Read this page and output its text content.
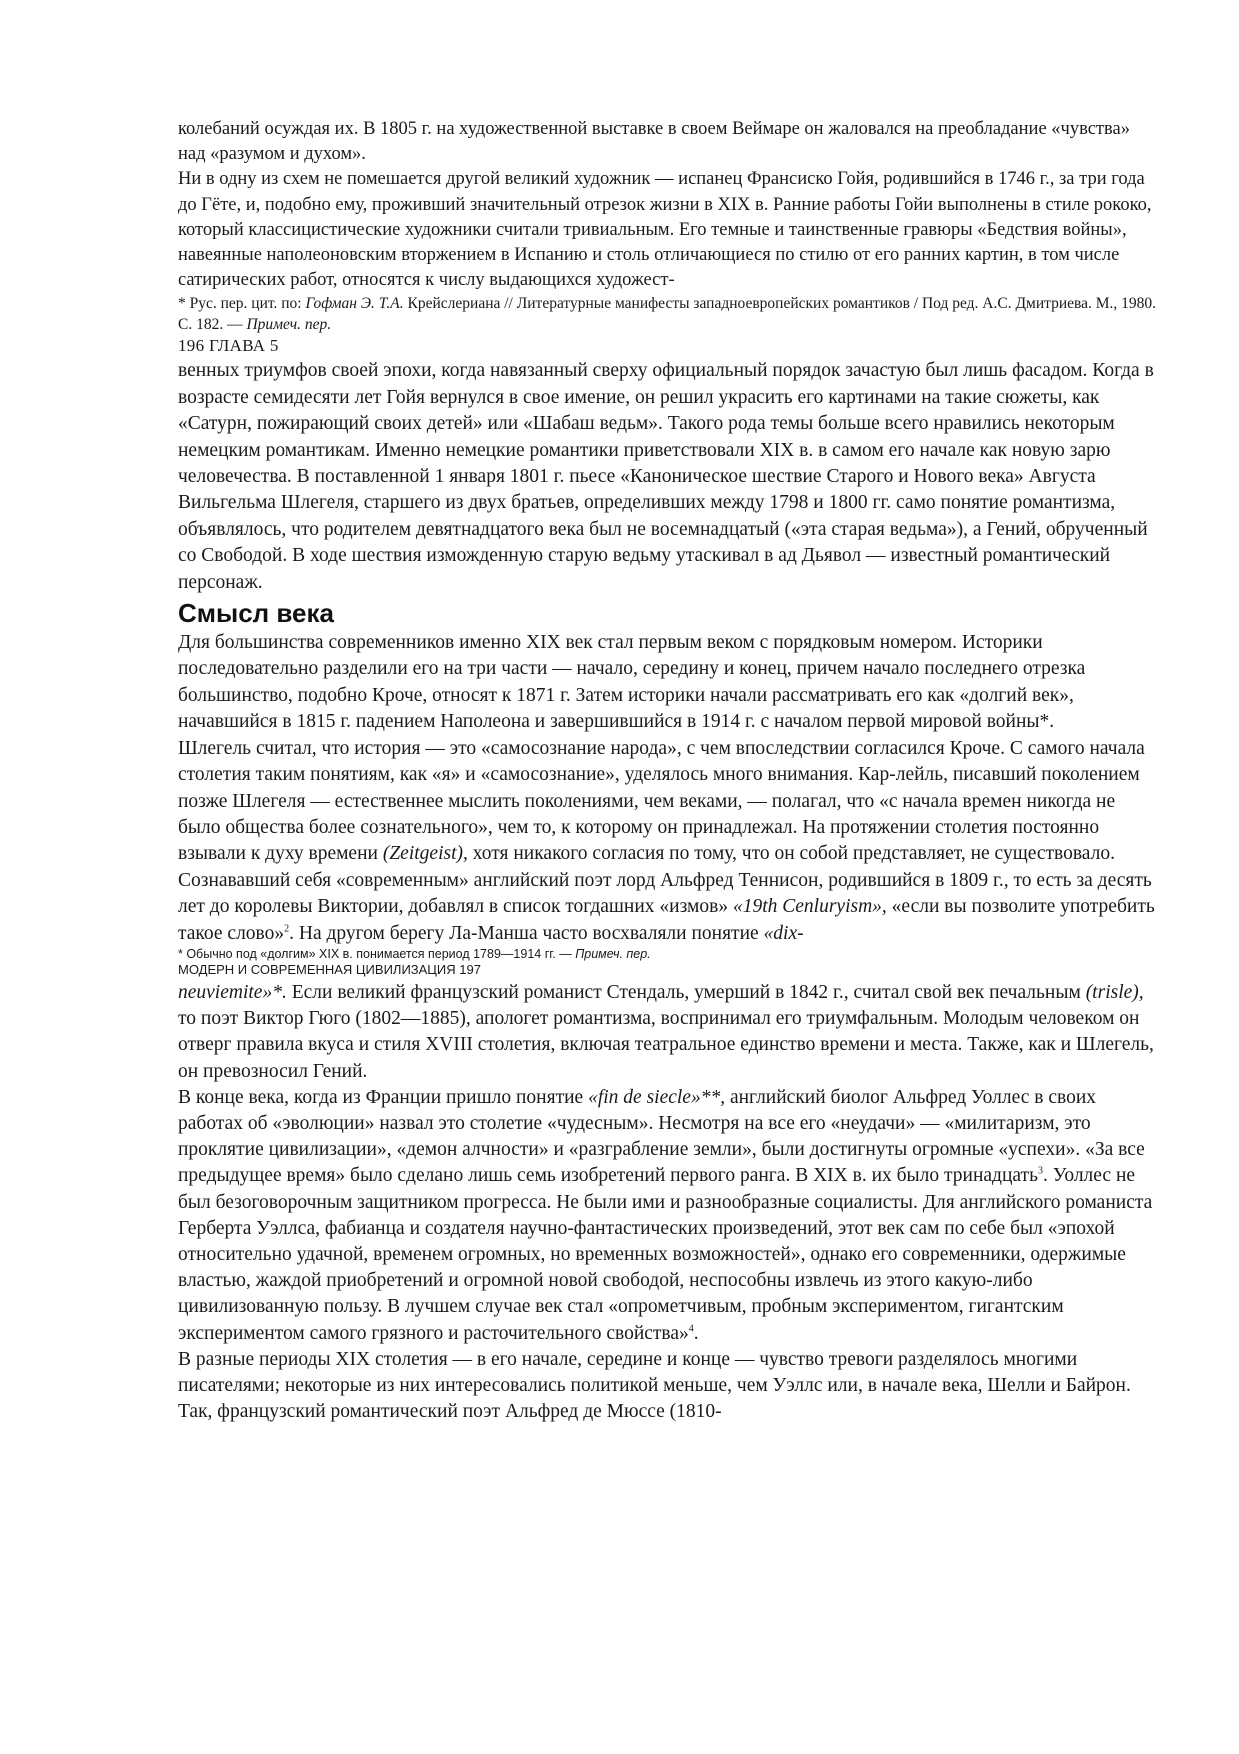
колебаний осуждая их. В 1805 г. на художественной выставке в своем Веймаре он жаловался на преобладание «чувства» над «разумом и духом».

Ни в одну из схем не помешается другой великий художник — испанец Франсиско Гойя, родившийся в 1746 г., за три года до Гёте, и, подобно ему, проживший значительный отрезок жизни в XIX в. Ранние работы Гойи выполнены в стиле рококо, который классицистические художники считали тривиальным. Его темные и таинственные гравюры «Бедствия войны», навеянные наполеоновским вторжением в Испанию и столь отличающиеся по стилю от его ранних картин, в том числе сатирических работ, относятся к числу выдающихся художест-

* Рус. пер. цит. по: Гофман Э. Т.А. Крейслериана // Литературные манифесты западноевропейских романтиков / Под ред. А.С. Дмитриева. М., 1980. С. 182. — Примеч. пер.

196 ГЛАВА 5

венных триумфов своей эпохи, когда навязанный сверху официальный порядок зачастую был лишь фасадом. Когда в возрасте семидесяти лет Гойя вернулся в свое имение, он решил украсить его картинами на такие сюжеты, как «Сатурн, пожирающий своих детей» или «Шабаш ведьм». Такого рода темы больше всего нравились некоторым немецким романтикам. Именно немецкие романтики приветствовали XIX в. в самом его начале как новую зарю человечества. В поставленной 1 января 1801 г. пьесе «Каноническое шествие Старого и Нового века» Августа Вильгельма Шлегеля, старшего из двух братьев, определивших между 1798 и 1800 гг. само понятие романтизма, объявлялось, что родителем девятнадцатого века был не восемнадцатый («эта старая ведьма»), а Гений, обрученный со Свободой. В ходе шествия изможденную старую ведьму утаскивал в ад Дьявол — известный романтический персонаж.

Смысл века

Для большинства современников именно XIX век стал первым веком с порядковым номером. Историки последовательно разделили его на три части — начало, середину и конец, причем начало последнего отрезка большинство, подобно Кроче, относят к 1871 г. Затем историки начали рассматривать его как «долгий век», начавшийся в 1815 г. падением Наполеона и завершившийся в 1914 г. с началом первой мировой войны*.

Шлегель считал, что история — это «самосознание народа», с чем впоследствии согласился Кроче. С самого начала столетия таким понятиям, как «я» и «самосознание», уделялось много внимания. Кар-лейль, писавший поколением позже Шлегеля — естественнее мыслить поколениями, чем веками, — полагал, что «с начала времен никогда не было общества более сознательного», чем то, к которому он принадлежал. На протяжении столетия постоянно взывали к духу времени (Zeitgeist), хотя никакого согласия по тому, что он собой представляет, не существовало. Сознававший себя «современным» английский поэт лорд Альфред Теннисон, родившийся в 1809 г., то есть за десять лет до королевы Виктории, добавлял в список тогдашних «измов» «19th Cenluryism», «если вы позволите употребить такое слово»$^2$. На другом берегу Ла-Манша часто восхваляли понятие «dix-

* Обычно под «долгим» XIX в. понимается период 1789—1914 гг. — Примеч. пер.

МОДЕРН И СОВРЕМЕННАЯ ЦИВИЛИЗАЦИЯ 197

neuviemite»*. Если великий французский романист Стендаль, умерший в 1842 г., считал свой век печальным (trisle), то поэт Виктор Гюго (1802—1885), апологет романтизма, воспринимал его триумфальным. Молодым человеком он отверг правила вкуса и стиля XVIII столетия, включая театральное единство времени и места. Также, как и Шлегель, он превозносил Гений.

В конце века, когда из Франции пришло понятие «fin de siecle»**, английский биолог Альфред Уоллес в своих работах об «эволюции» назвал это столетие «чудесным». Несмотря на все его «неудачи» — «милитаризм, это проклятие цивилизации», «демон алчности» и «разграбление земли», были достигнуты огромные «успехи». «За все предыдущее время» было сделано лишь семь изобретений первого ранга. В XIX в. их было тринадцать$^3$. Уоллес не был безоговорочным защитником прогресса. Не были ими и разнообразные социалисты. Для английского романиста Герберта Уэллса, фабианца и создателя научно-фантастических произведений, этот век сам по себе был «эпохой относительно удачной, временем огромных, но временных возможностей», однако его современники, одержимые властью, жаждой приобретений и огромной новой свободой, неспособны извлечь из этого какую-либо цивилизованную пользу. В лучшем случае век стал «опрометчивым, пробным экспериментом, гигантским экспериментом самого грязного и расточительного свойства»$^4$.

В разные периоды XIX столетия — в его начале, середине и конце — чувство тревоги разделялось многими писателями; некоторые из них интересовались политикой меньше, чем Уэллс или, в начале века, Шелли и Байрон. Так, французский романтический поэт Альфред де Мюссе (1810-
